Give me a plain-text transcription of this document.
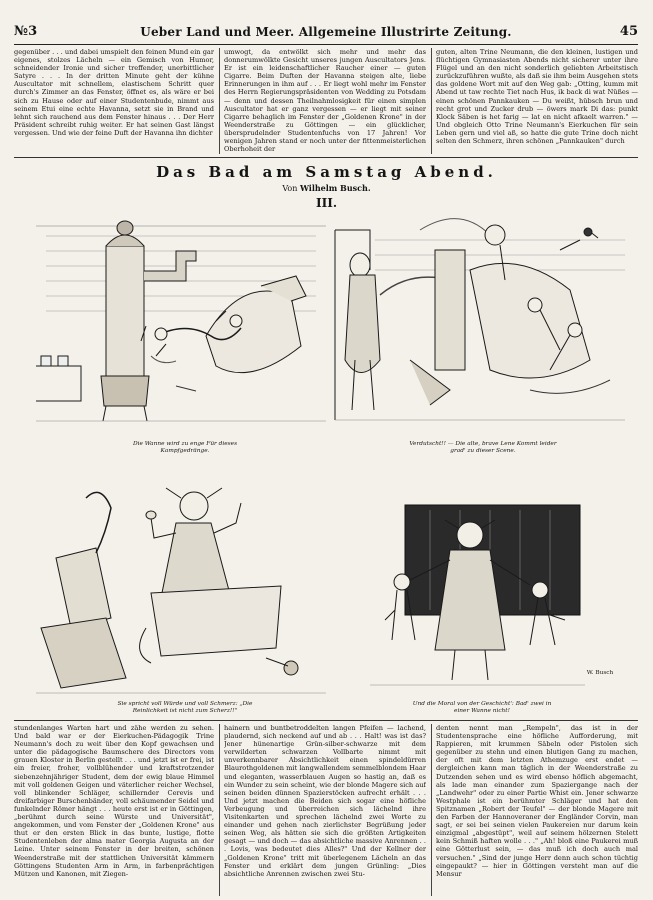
№3	Ueber Land und Meer. Allgemeine Illustrirte Zeitung.	45

gegenüber . . . und dabei umspielt den feinen Mund ein gar eigenes, stolzes Lächeln — ein Gemisch von Humor, schneidender Ironie und sicher treffender, unerbittlicher Satyre . . . In der dritten Minute geht der kühne Auscultator mit schnellem, elastischem Schritt quer durch's Zimmer an das Fenster, öffnet es, als wäre er bei sich zu Hause oder auf einer Studentenbude, nimmt aus seinem Etui eine echte Havanna, setzt sie in Brand und lehnt sich rauchend aus dem Fenster hinaus . . . Der Herr Präsident schreibt ruhig weiter. Er hat seinen Gast längst vergessen. Und wie der feine Duft der Havanna ihn dichter

umwogt, da entwölkt sich mehr und mehr das donnerumwölkte Gesicht unseres jungen Auscultators Jens. Er ist ein leidenschaftlicher Raucher einer — guten Cigarre. Beim Duften der Havanna steigen alte, liebe Erinnerungen in ihm auf . . . Er liegt wohl mehr im Fenster des Herrn Regierungspräsidenten von Wedding zu Potsdam — denn und dessen Theilnahmlosigkeit für einen simplen Auscultator hat er ganz vergessen — er liegt mit seiner Cigarre behaglich im Fenster der „Goldenen Krone" in der Weenderstraße zu Göttingen — ein glücklicher, übersprudelnder Studentenfuchs von 17 Jahren! Vor wenigen Jahren stand er noch unter der fittenmeisterlichen Oberhoheit der

guten, alten Trine Neumann, die den kleinen, lustigen und flüchtigen Gymnasiasten Abends nicht sicherer unter ihre Flügel und an den nicht sonderlich geliebten Arbeitstisch zurückzuführen wußte, als daß sie ihm beim Ausgehen stets das goldene Wort mit auf den Weg gab: „Otting, kumm mit Abend ut taw rechte Tiet nach Hus, ik back di wat Nüßes — einen schönen Pannkauken — Du weißt, hübsch brun und recht grot und Zucker drub — öwers mark Di das: punkt Klock Säben is het farig — lat en nicht afkaelt warren." — Und obgleich Otto Trine Neumann's Eierkuchen für sein Leben gern und viel aß, so hatte die gute Trine doch nicht selten den Schmerz, ihren schönen „Pannkauken" durch

Das Bad am Samstag Abend.
Von Wilhelm Busch.
III.
Die Wanne wird zu enge Für dieses Kampfgedränge.
Verdutscht!! — Die alte, brave Lene Kommt leider grad' zu dieser Scene.
Sie spricht voll Würde und voll Schmerz: „Die Reinlichkeit ist nicht zum Scherz!!"
W. Busch
Und die Moral von der Geschicht': Bad' zwei in einer Wanne nicht!

stundenlanges Warten hart und zähe werden zu sehen. Und bald war er der Eierkuchen-Pädagogik Trine Neumann's doch zu weit über den Kopf gewachsen und unter die pädagogische Baumschere des Directors vom grauen Kloster in Berlin gestellt . . . und jetzt ist er frei, ist ein freier, froher, vollblühender und kraftstrotzender siebenzehnjähriger Student, dem der ewig blaue Himmel mit voll goldenen Geigen und väterlicher reicher Wechsel, voll blinkender Schläger, schillernder Cerevis und dreifarbiger Burschenbänder, voll schäumender Seidel und funkelnder Römer hängt . . . heute erst ist er in Göttingen, „berühmt durch seine Würste und Universität", angekommen, und vom Fenster der „Goldenen Krone" aus thut er den ersten Blick in das bunte, lustige, flotte Studentenleben der alma mater Georgia Augusta an der Leine. Unter seinem Fenster in der breiten, schönen Weenderstraße mit der stattlichen Universität kämmern Göttingens Studenten Arm in Arm, in farbenprächtigen Mützen und Kanonen, mit Ziegen-

hainern und buntbetroddelten langen Pfeifen — lachend, plaudernd, sich neckend auf und ab . . . Halt! was ist das? Jener hünenartige Grün-silber-schwarze mit dem verwilderten schwarzen Vollbarte nimmt mit unverkennbarer Absichtlichkeit einen spindeldürren Blaurothgoldenen mit langwallendem semmelblondem Haar und eleganten, wasserblauen Augen so hastig an, daß es ein Wunder zu sein scheint, wie der blonde Magere sich auf seinen beiden dünnen Spazierstöcken aufrecht erhält . . . Und jetzt machen die Beiden sich sogar eine höfliche Verbeugung und überreichen sich lächelnd ihre Visitenkarten und sprechen lächelnd zwei Worte zu einander und gehen nach zierlichster Begrüßung jeder seinen Weg, als hätten sie sich die größten Artigkeiten gesagt — und doch — das absichtliche massive Anrennen . . . Lovis, was bedeutet dies Alles?" Und der Kellner der „Goldenen Krone" tritt mit überlegenem Lächeln an das Fenster und erklärt dem jungen Grünling: „Dies absichtliche Anrennen zwischen zwei Stu-

denten nennt man „Rempeln", das ist in der Studentensprache eine höfliche Aufforderung, mit Rappieren, mit krummen Säbeln oder Pistolen sich gegenüber zu stehn und einen blutigen Gang zu machen, der oft mit dem letzten Athemzuge erst endet — dergleichen kann man täglich in der Weenderstraße zu Dutzenden sehen und es wird ebenso höflich abgemacht, als lade man einander zum Spaziergange nach der „Landwehr" oder zu einer Partie Whist ein. Jener schwarze Westphale ist ein berühmter Schläger und hat den Spitznamen „Robert der Teufel" — der blonde Magere mit den Farben der Hannoveraner der Engländer Corvin, man sagt, er sei bei seinen vielen Paukereien nur darum kein einzigmal „abgestüpt", weil auf seinem hölzernen Stelett kein Schmiß haften wolle . . ." „Ah! bloß eine Paukerei muß eine Götterlust sein, — das muß ich doch auch mal versuchen." „Sind der junge Herr denn auch schon tüchtig eingepaukt? — hier in Göttingen versteht man auf die Mensur
